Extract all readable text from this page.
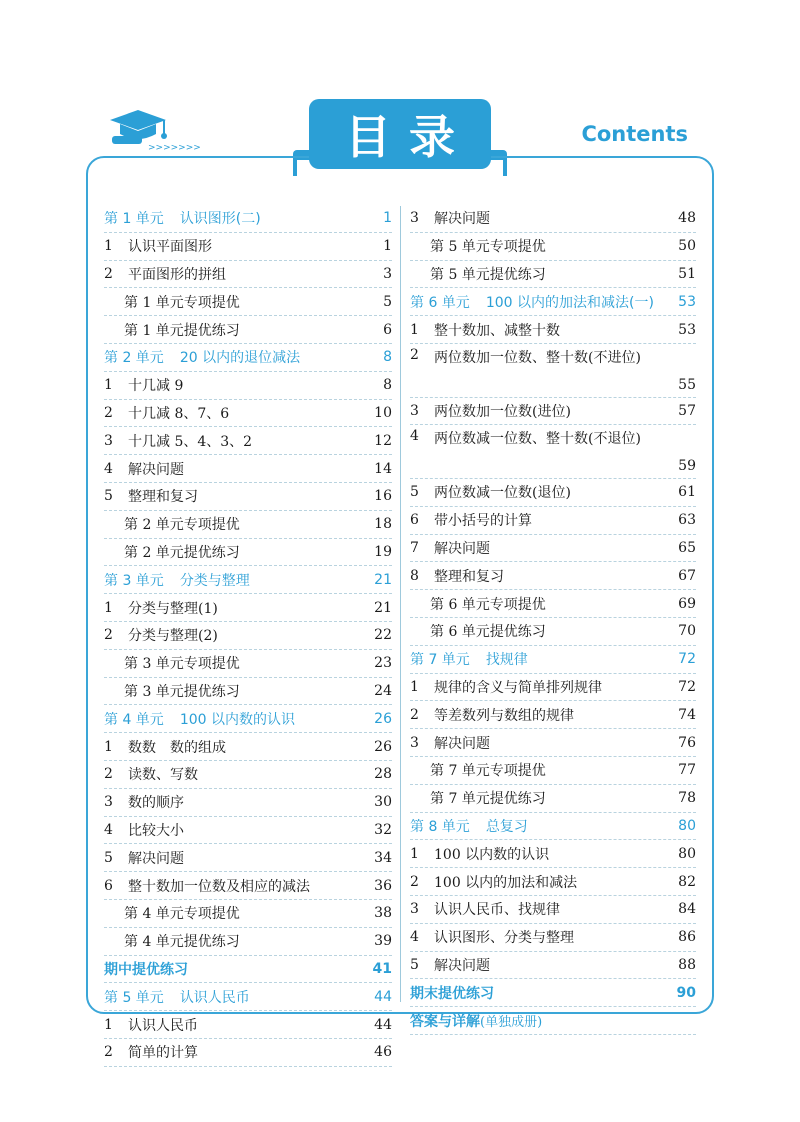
>>>>>>>	目录	Contents
第 1 单元 认识图形(二)	1
1	认识平面图形	1
2	平面图形的拼组	3
第 1 单元专项提优	5
第 1 单元提优练习	6
第 2 单元 20 以内的退位减法	8
1	十几减 9	8
2	十几减 8、7、6	10
3	十几减 5、4、3、2	12
4	解决问题	14
5	整理和复习	16
第 2 单元专项提优	18
第 2 单元提优练习	19
第 3 单元 分类与整理	21
1	分类与整理(1)	21
2	分类与整理(2)	22
第 3 单元专项提优	23
第 3 单元提优练习	24
第 4 单元 100 以内数的认识	26
1	数数　数的组成	26
2	读数、写数	28
3	数的顺序	30
4	比较大小	32
5	解决问题	34
6	整十数加一位数及相应的减法	36
第 4 单元专项提优	38
第 4 单元提优练习	39
期中提优练习	41
第 5 单元 认识人民币	44
1	认识人民币	44
2	简单的计算	46
3	解决问题	48
第 5 单元专项提优	50
第 5 单元提优练习	51
第 6 单元 100 以内的加法和减法(一)	53
1	整十数加、减整十数	53
2	两位数加一位数、整十数(不进位)
55
3	两位数加一位数(进位)	57
4	两位数减一位数、整十数(不退位)
59
5	两位数减一位数(退位)	61
6	带小括号的计算	63
7	解决问题	65
8	整理和复习	67
第 6 单元专项提优	69
第 6 单元提优练习	70
第 7 单元 找规律	72
1	规律的含义与简单排列规律	72
2	等差数列与数组的规律	74
3	解决问题	76
第 7 单元专项提优	77
第 7 单元提优练习	78
第 8 单元 总复习	80
1	100 以内数的认识	80
2	100 以内的加法和减法	82
3	认识人民币、找规律	84
4	认识图形、分类与整理	86
5	解决问题	88
期末提优练习	90
答案与详解(单独成册)
